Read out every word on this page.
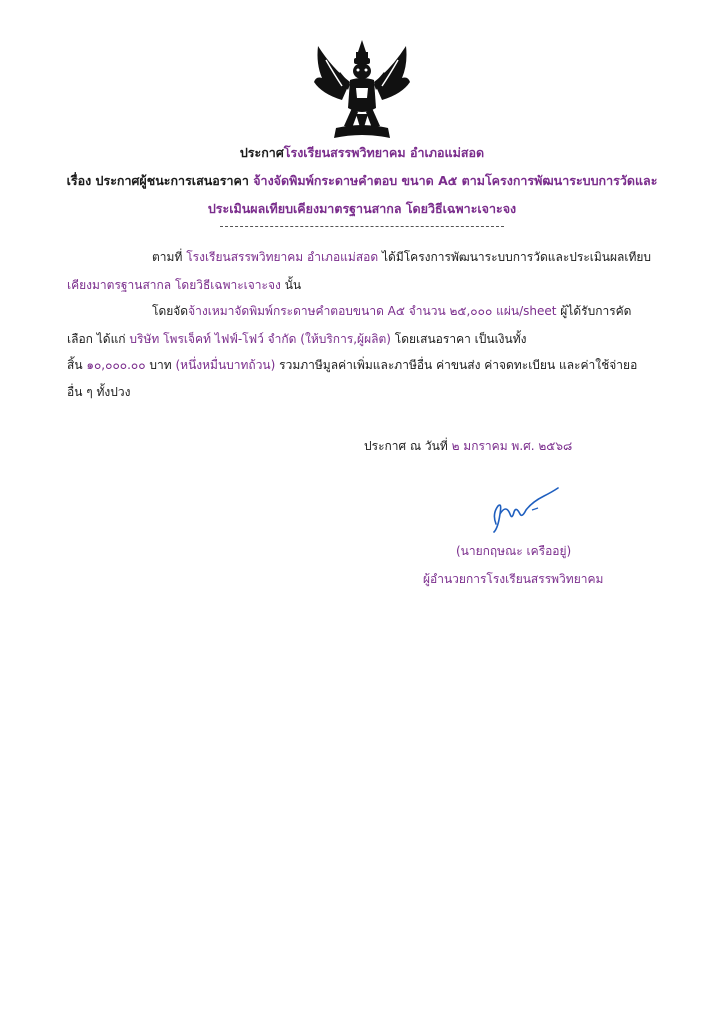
ประกาศโรงเรียนสรรพวิทยาคม อำเภอแม่สอด
เรื่อง ประกาศผู้ชนะการเสนอราคา จ้างจัดพิมพ์กระดาษคำตอบ ขนาด A๕ ตามโครงการพัฒนาระบบการวัดและ
ประเมินผลเทียบเคียงมาตรฐานสากล โดยวิธีเฉพาะเจาะจง
ตามที่ โรงเรียนสรรพวิทยาคม อำเภอแม่สอด ได้มีโครงการพัฒนาระบบการวัดและประเมินผลเทียบ
เคียงมาตรฐานสากล โดยวิธีเฉพาะเจาะจง นั้น
โดยจัดจ้างเหมาจัดพิมพ์กระดาษคำตอบขนาด A๕ จำนวน ๒๕,๐๐๐ แผ่น/sheet ผู้ได้รับการคัด
เลือก ได้แก่ บริษัท โพรเจ็คท์ ไฟฟ์-โฟว์ จำกัด (ให้บริการ,ผู้ผลิต) โดยเสนอราคา เป็นเงินทั้ง
สิ้น ๑๐,๐๐๐.๐๐ บาท (หนึ่งหมื่นบาทถ้วน) รวมภาษีมูลค่าเพิ่มและภาษีอื่น ค่าขนส่ง ค่าจดทะเบียน และค่าใช้จ่ายอ
อื่น ๆ ทั้งปวง
ประกาศ ณ วันที่ ๒ มกราคม พ.ศ. ๒๕๖๘
(นายกฤษณะ เครืออยู่)
ผู้อำนวยการโรงเรียนสรรพวิทยาคม
